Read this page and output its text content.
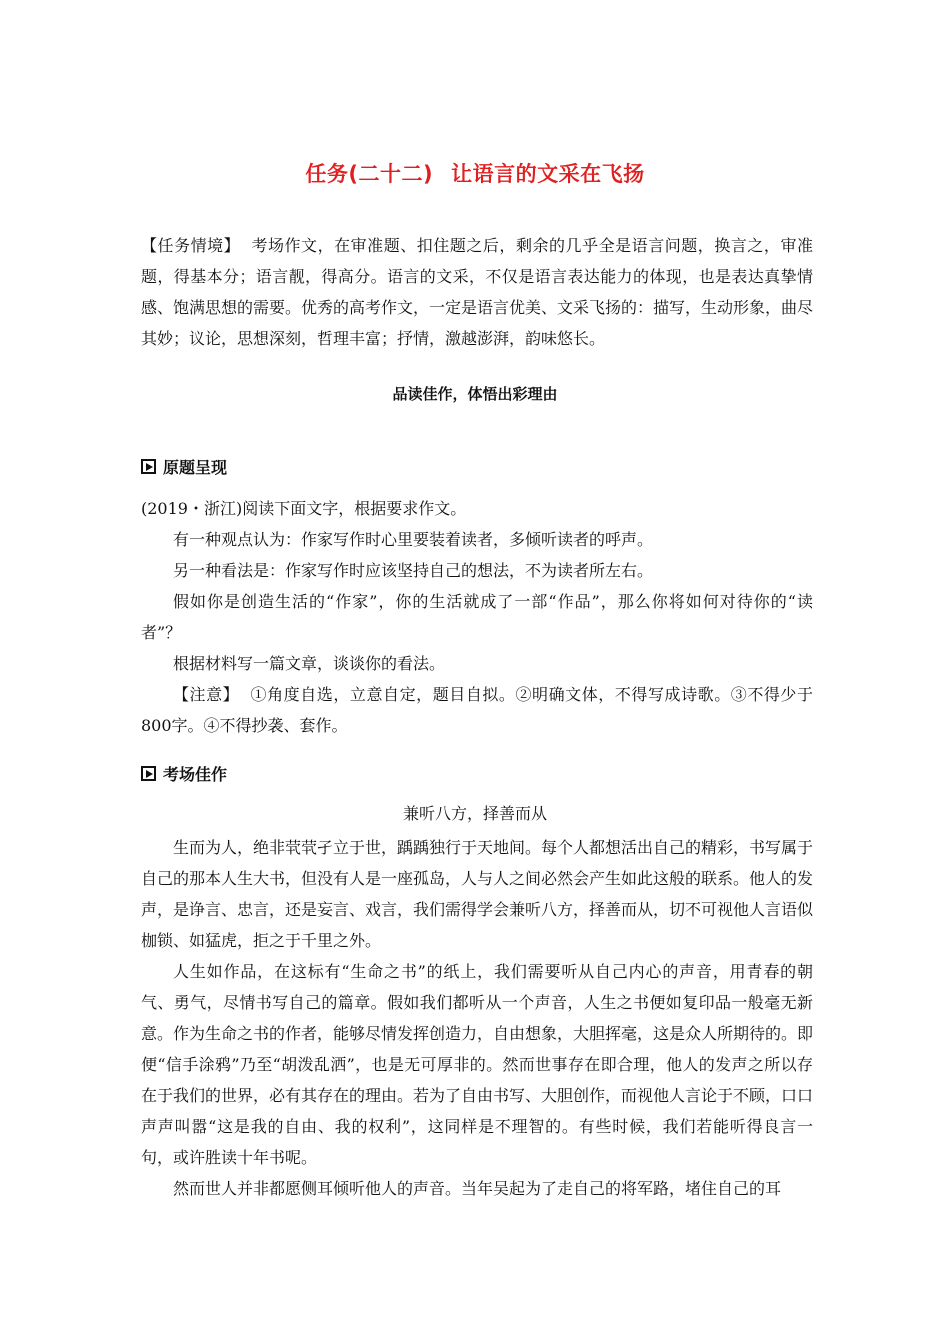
任务(二十二) 让语言的文采在飞扬
【任务情境】 考场作文，在审准题、扣住题之后，剩余的几乎全是语言问题，换言之，审准题，得基本分；语言靓，得高分。语言的文采，不仅是语言表达能力的体现，也是表达真挚情感、饱满思想的需要。优秀的高考作文，一定是语言优美、文采飞扬的：描写，生动形象，曲尽其妙；议论，思想深刻，哲理丰富；抒情，激越澎湃，韵味悠长。
品读佳作，体悟出彩理由
原题呈现

(2019・浙江)阅读下面文字，根据要求作文。

有一种观点认为：作家写作时心里要装着读者，多倾听读者的呼声。

另一种看法是：作家写作时应该坚持自己的想法，不为读者所左右。

假如你是创造生活的“作家”，你的生活就成了一部“作品”，那么你将如何对待你的“读者”？

根据材料写一篇文章，谈谈你的看法。

【注意】 ①角度自选，立意自定，题目自拟。②明确文体，不得写成诗歌。③不得少于800字。④不得抄袭、套作。

考场佳作
兼听八方，择善而从

生而为人，绝非茕茕孑立于世，踽踽独行于天地间。每个人都想活出自己的精彩，书写属于自己的那本人生大书，但没有人是一座孤岛，人与人之间必然会产生如此这般的联系。他人的发声，是诤言、忠言，还是妄言、戏言，我们需得学会兼听八方，择善而从，切不可视他人言语似枷锁、如猛虎，拒之于千里之外。

人生如作品，在这标有“生命之书”的纸上，我们需要听从自己内心的声音，用青春的朝气、勇气，尽情书写自己的篇章。假如我们都听从一个声音，人生之书便如复印品一般毫无新意。作为生命之书的作者，能够尽情发挥创造力，自由想象，大胆挥毫，这是众人所期待的。即便“信手涂鸦”乃至“胡泼乱洒”，也是无可厚非的。然而世事存在即合理，他人的发声之所以存在于我们的世界，必有其存在的理由。若为了自由书写、大胆创作，而视他人言论于不顾，口口声声叫嚣“这是我的自由、我的权利”，这同样是不理智的。有些时候，我们若能听得良言一句，或许胜读十年书呢。

然而世人并非都愿侧耳倾听他人的声音。当年吴起为了走自己的将军路，堵住自己的耳
